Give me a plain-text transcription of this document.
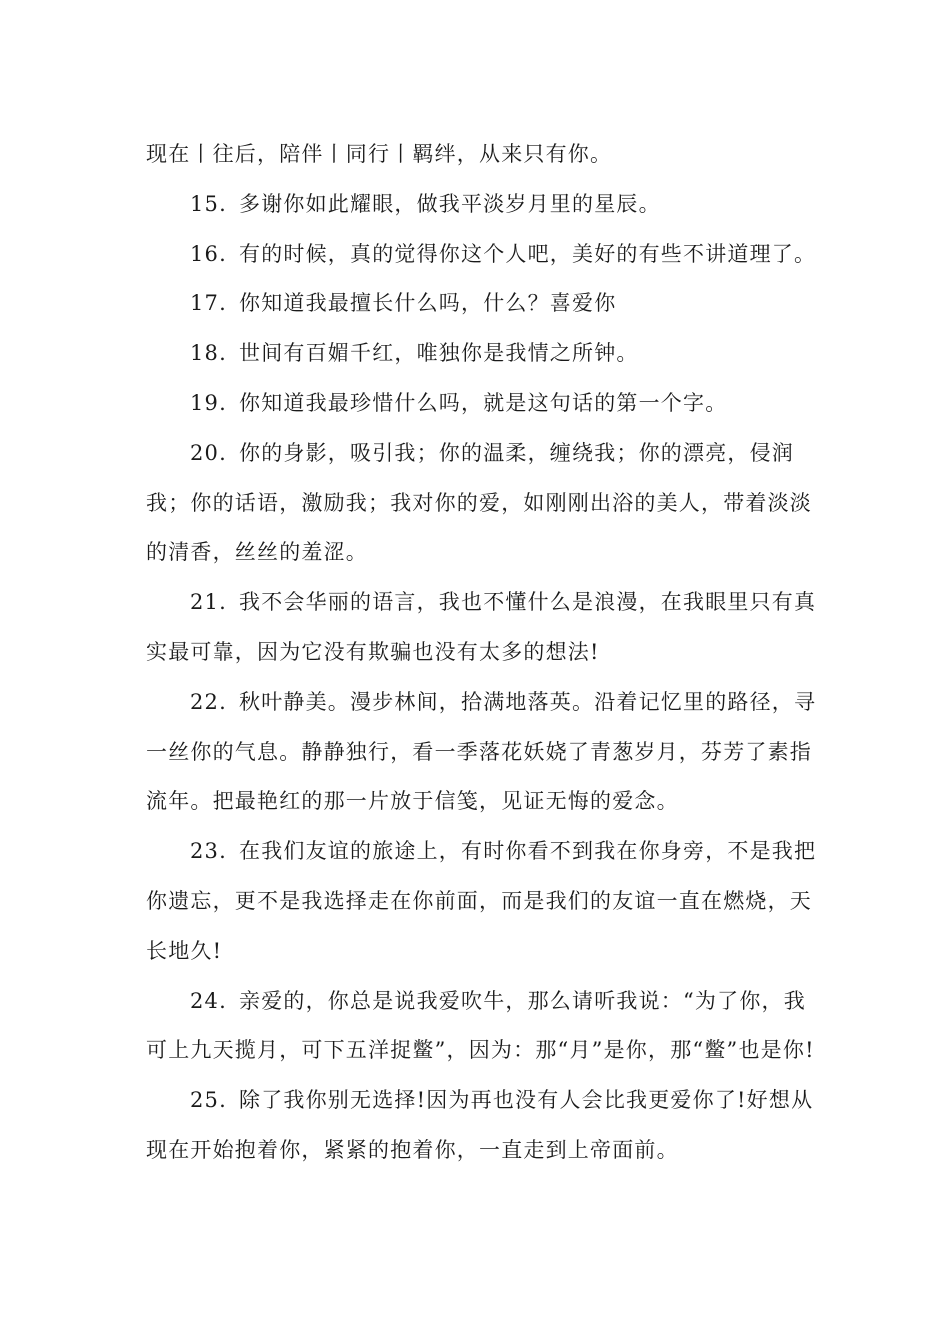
现在丨往后，陪伴丨同行丨羁绊，从来只有你。

15. 多谢你如此耀眼，做我平淡岁月里的星辰。

16. 有的时候，真的觉得你这个人吧，美好的有些不讲道理了。

17. 你知道我最擅长什么吗，什么？喜爱你

18. 世间有百媚千红，唯独你是我情之所钟。

19. 你知道我最珍惜什么吗，就是这句话的第一个字。

20. 你的身影，吸引我；你的温柔，缠绕我；你的漂亮，侵润我；你的话语，激励我；我对你的爱，如刚刚出浴的美人，带着淡淡的清香，丝丝的羞涩。

21. 我不会华丽的语言，我也不懂什么是浪漫，在我眼里只有真实最可靠，因为它没有欺骗也没有太多的想法!

22. 秋叶静美。漫步林间，拾满地落英。沿着记忆里的路径，寻一丝你的气息。静静独行，看一季落花妖娆了青葱岁月，芬芳了素指流年。把最艳红的那一片放于信笺，见证无悔的爱念。

23. 在我们友谊的旅途上，有时你看不到我在你身旁，不是我把你遗忘，更不是我选择走在你前面，而是我们的友谊一直在燃烧，天长地久!

24. 亲爱的，你总是说我爱吹牛，那么请听我说：“为了你，我可上九天揽月，可下五洋捉鳖”，因为：那“月”是你，那“鳖”也是你!

25. 除了我你别无选择!因为再也没有人会比我更爱你了!好想从现在开始抱着你，紧紧的抱着你，一直走到上帝面前。
